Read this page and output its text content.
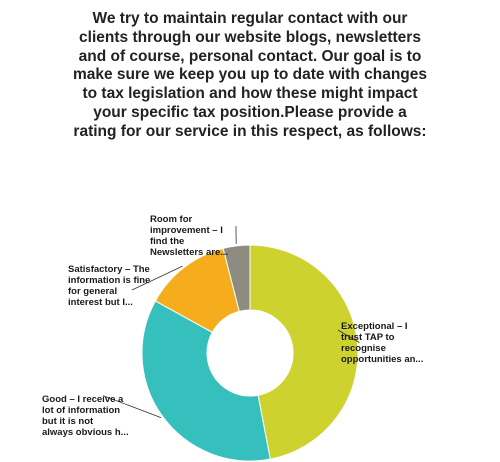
We try to maintain regular contact with our clients through our website blogs, newsletters and of course, personal contact. Our goal is to make sure we keep you up to date with changes to tax legislation and how these might impact your specific tax position.Please provide a rating for our service in this respect, as follows:
Exceptional – I trust TAP to recognise opportunities an...
Good – I receive a lot of information but it is not always obvious h...
Satisfactory – The information is fine for general interest but I...
Room for improvement – I find the Newsletters are...
